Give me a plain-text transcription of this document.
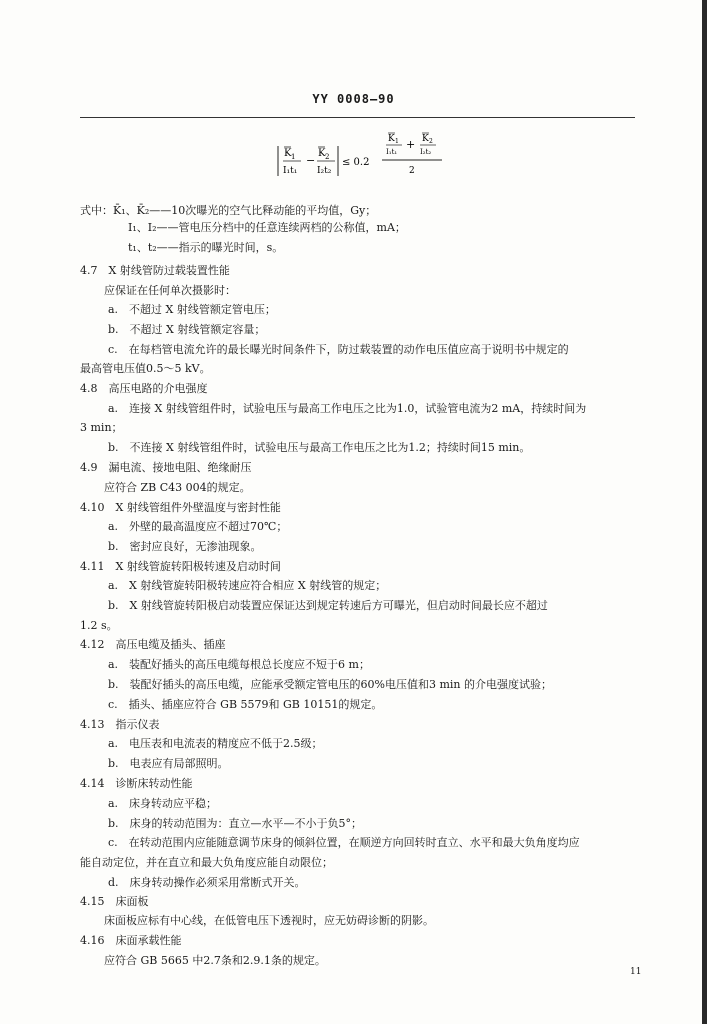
YY 0008—90
K 1
I₁t₁
−
K 2
I₂t₂
≤ 0.2
K 1
I₁t₁
+ K 2
I₂t₂
2
式中：K̄₁、K̄₂——10次曝光的空气比释动能的平均值，Gy；
I₁、I₂——管电压分档中的任意连续两档的公称值，mA；
t₁、t₂——指示的曝光时间，s。
4.7　X 射线管防过载装置性能
应保证在任何单次摄影时：
a.　不超过 X 射线管额定管电压；
b.　不超过 X 射线管额定容量；
c.　在每档管电流允许的最长曝光时间条件下，防过载装置的动作电压值应高于说明书中规定的
最高管电压值0.5～5 kV。
4.8　高压电路的介电强度
a.　连接 X 射线管组件时，试验电压与最高工作电压之比为1.0，试验管电流为2 mA，持续时间为
3 min；
b.　不连接 X 射线管组件时，试验电压与最高工作电压之比为1.2；持续时间15 min。
4.9　漏电流、接地电阻、绝缘耐压
应符合 ZB C43 004的规定。
4.10　X 射线管组件外壁温度与密封性能
a.　外壁的最高温度应不超过70℃；
b.　密封应良好，无渗油现象。
4.11　X 射线管旋转阳极转速及启动时间
a.　X 射线管旋转阳极转速应符合相应 X 射线管的规定；
b.　X 射线管旋转阳极启动装置应保证达到规定转速后方可曝光，但启动时间最长应不超过
1.2 s。
4.12　高压电缆及插头、插座
a.　装配好插头的高压电缆每根总长度应不短于6 m；
b.　装配好插头的高压电缆，应能承受额定管电压的60%电压值和3 min 的介电强度试验；
c.　插头、插座应符合 GB 5579和 GB 10151的规定。
4.13　指示仪表
a.　电压表和电流表的精度应不低于2.5级；
b.　电表应有局部照明。
4.14　诊断床转动性能
a.　床身转动应平稳；
b.　床身的转动范围为：直立—水平—不小于负5°；
c.　在转动范围内应能随意调节床身的倾斜位置，在顺逆方向回转时直立、水平和最大负角度均应
能自动定位，并在直立和最大负角度应能自动限位；
d.　床身转动操作必须采用常断式开关。
4.15　床面板
床面板应标有中心线，在低管电压下透视时，应无妨碍诊断的阴影。
4.16　床面承载性能
应符合 GB 5665 中2.7条和2.9.1条的规定。
11
